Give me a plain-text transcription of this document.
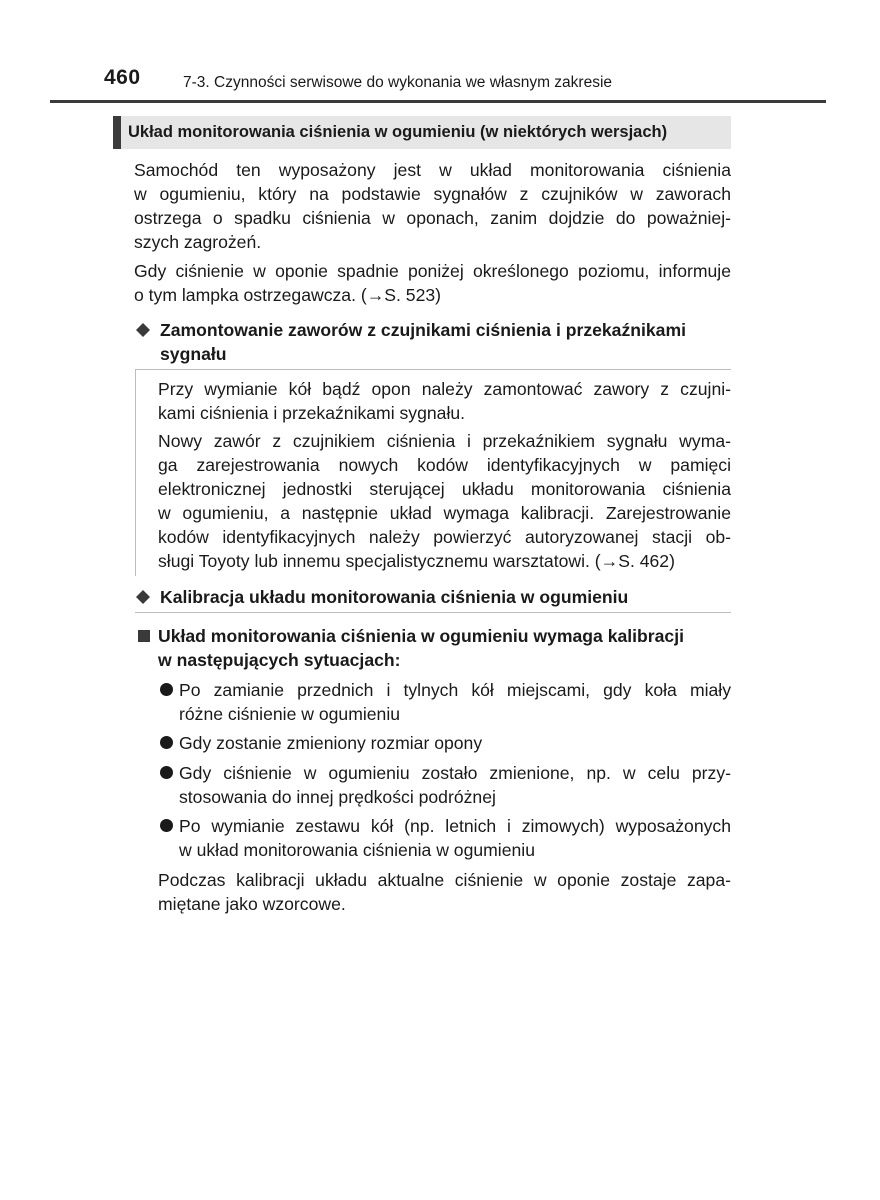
460	7-3. Czynności serwisowe do wykonania we własnym zakresie
Układ monitorowania ciśnienia w ogumieniu (w niektórych wersjach)
Samochód ten wyposażony jest w układ monitorowania ciśnienia
w ogumieniu, który na podstawie sygnałów z czujników w zaworach
ostrzega o spadku ciśnienia w oponach, zanim dojdzie do poważniej-
szych zagrożeń.
Gdy ciśnienie w oponie spadnie poniżej określonego poziomu, informuje
o tym lampka ostrzegawcza. (→S. 523)
Zamontowanie zaworów z czujnikami ciśnienia i przekaźnikami
sygnału
Przy wymianie kół bądź opon należy zamontować zawory z czujni-
kami ciśnienia i przekaźnikami sygnału.
Nowy zawór z czujnikiem ciśnienia i przekaźnikiem sygnału wyma-
ga zarejestrowania nowych kodów identyfikacyjnych w pamięci
elektronicznej jednostki sterującej układu monitorowania ciśnienia
w ogumieniu, a następnie układ wymaga kalibracji. Zarejestrowanie
kodów identyfikacyjnych należy powierzyć autoryzowanej stacji ob-
sługi Toyoty lub innemu specjalistycznemu warsztatowi. (→S. 462)
Kalibracja układu monitorowania ciśnienia w ogumieniu
Układ monitorowania ciśnienia w ogumieniu wymaga kalibracji
w następujących sytuacjach:
Po zamianie przednich i tylnych kół miejscami, gdy koła miały
różne ciśnienie w ogumieniu
Gdy zostanie zmieniony rozmiar opony
Gdy ciśnienie w ogumieniu zostało zmienione, np. w celu przy-
stosowania do innej prędkości podróżnej
Po wymianie zestawu kół (np. letnich i zimowych) wyposażonych
w układ monitorowania ciśnienia w ogumieniu
Podczas kalibracji układu aktualne ciśnienie w oponie zostaje zapa-
miętane jako wzorcowe.
